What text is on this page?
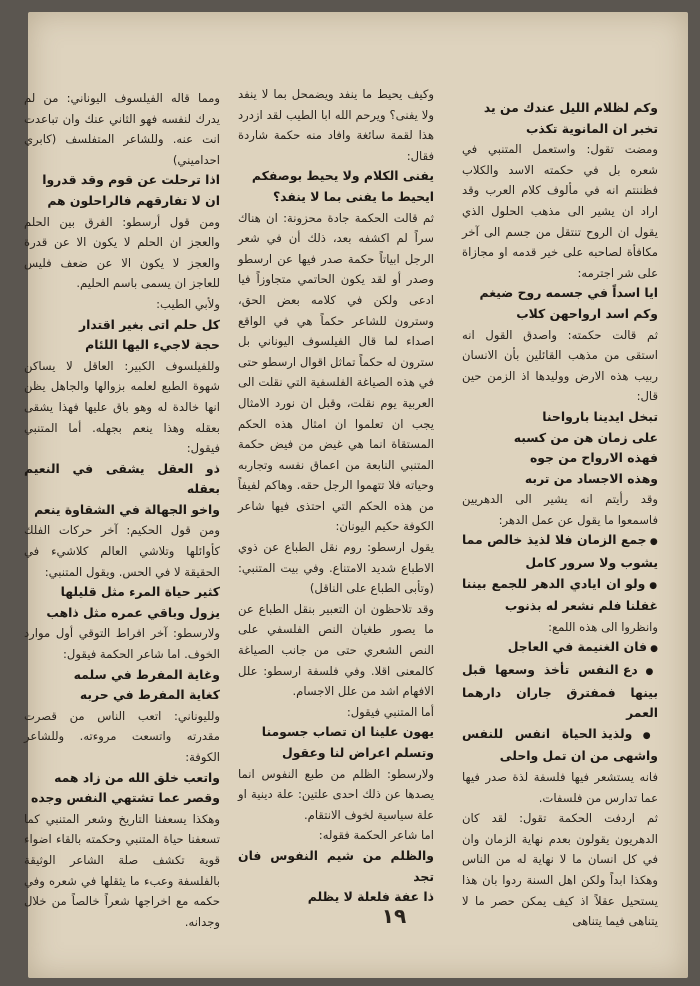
وكم لظلام الليل عندك من يد

تخبر ان المانوية تكذب

ومضت تقول: واستعمل المتنبي في شعره بل في حكمته الاسد والكلاب فظننتم انه في مألوف كلام العرب وقد اراد ان يشير الى مذهب الحلول الذي يقول ان الروح تنتقل من جسم الى آخر مكافأة لصاحبه على خير قدمه او مجازاة على شر اجترمه:

ايا اسداً في جسمه روح ضيغم

وكم اسد ارواحهن كلاب

ثم قالت حكمته: واصدق القول انه استقى من مذهب القائلين بأن الانسان ربيب هذه الارض ووليدها اذ الزمن حين قال:

تبخل ايدينا بارواحنا

على زمان هن من كسبه

فهذه الارواح من جوه

وهذه الاجساد من تربه

وقد رأيتم انه يشير الى الدهريين فاسمعوا ما يقول عن عمل الدهر:

● جمع الزمان فلا لذيذ خالص مما يشوب ولا سرور كامل

● ولو ان ايادي الدهر للجمع بيننا غفلنا فلم نشعر له بذنوب

وانظروا الى هذه اللمع:

● فان الغنيمة في العاجل

● دع النفس تأخذ وسعها قبل بينها فمفترق جاران دارهما العمر

● ولذيذ الحياة انفس للنفس واشهى من ان تمل واحلى

فانه يستشعر فيها فلسفة لذة صدر فيها عما تدارس من فلسفات.

ثم اردفت الحكمة تقول: لقد كان الدهريون يقولون بعدم نهاية الزمان وان في كل انسان ما لا نهاية له من الناس وهكذا ابداً ولكن اهل السنة ردوا بان هذا يستحيل عقلاً اذ كيف يمكن حصر ما لا يتناهى فيما يتناهى

وكيف يحيط ما ينفد ويضمحل بما لا ينفد ولا يفنى؟ ويرحم الله ابا الطيب لقد ازدرد هذا لقمة سائغة وافاد منه حكمة شاردة فقال:

يفنى الكلام ولا يحيط بوصفكم

ايحيط ما يفنى بما لا ينفد؟

ثم قالت الحكمة جادة محزونة: ان هناك سراً لم اكشفه بعد، ذلك أن في شعر الرجل ابياتاً حكمة صدر فيها عن ارسطو وصدر أو لقد يكون الحاتمي متجاوزاً فيا ادعى ولكن في كلامه بعض الحق، وسترون للشاعر حكماً هي في الواقع اصداء لما قال الفيلسوف اليوناني بل سترون له حكماً تماثل اقوال ارسطو حتى في هذه الصياغة الفلسفية التي نقلت الى العربية يوم نقلت، وقبل ان نورد الامثال يجب ان تعلموا ان امثال هذه الحكم المستقاة انما هي غيض من فيض حكمة المتنبي النابعة من اعماق نفسه وتجاربه وحياته فلا تتهموا الرجل حقه. وهاكم لفيفاً من هذه الحكم التي احتذى فيها شاعر الكوفة حكيم اليونان:

يقول ارسطو: روم نقل الطباع عن ذوي الاطباع شديد الامتناع. وفي بيت المتنبي: (وتأبى الطباع على الناقل)

وقد تلاحظون ان التعبير بنقل الطباع عن ما يصور طغيان النص الفلسفي على النص الشعري حتى من جانب الصياغة كالمعنى اقلا. وفي فلسفة ارسطو: علل الافهام اشد من علل الاجسام.

أما المتنبي فيقول:

يهون علينا ان تصاب جسومنا

وتسلم اعراض لنا وعقول

ولارسطو: الظلم من طبع النفوس انما يصدها عن ذلك احدى علتين: علة دينية او علة سياسية لخوف الانتقام.

اما شاعر الحكمة فقوله:

والظلم من شيم النفوس فان تجد

ذا عفة فلعلة لا يظلم

ومما قاله الفيلسوف اليوناني: من لم يدرك لنفسه فهو الثاني عنك وان تباعدت انت عنه. وللشاعر المتفلسف (كابري احداميني)

اذا ترحلت عن قوم وقد قدروا

ان لا تفارقهم فالراحلون هم

ومن قول أرسطو: الفرق بين الحلم والعجز ان الحلم لا يكون الا عن قدرة والعجز لا يكون الا عن ضعف فليس للعاجز ان يسمى باسم الحليم.

ولأبي الطيب:

كل حلم اتى بغير اقتدار

حجة لاجيء اليها اللئام

وللفيلسوف الكبير: العاقل لا يساكن شهوة الطبع لعلمه بزوالها والجاهل يظن انها خالدة له وهو باق عليها فهذا يشقى بعقله وهذا ينعم بجهله. أما المتنبي فيقول:

ذو العقل يشقى في النعيم بعقله

واخو الجهالة في الشقاوة ينعم

ومن قول الحكيم: آخر حركات الفلك كأوائلها وتلاشي العالم كلاشيء في الحقيقة لا في الحس. ويقول المتنبي:

كثير حياة المرء مثل قليلها

يزول وباقي عمره مثل ذاهب

ولارسطو: آخر افراط التوقي أول موارد الخوف. اما شاعر الحكمة فيقول:

وغاية المفرط في سلمه

كغاية المفرط في حربه

ولليوناني: اتعب الناس من قصرت مقدرته واتسعت مروءته. وللشاعر الكوفة:

واتعب خلق الله من زاد همه

وقصر عما تشتهي النفس وجده

وهكذا يسعفنا التاريخ وشعر المتنبي كما تسعفنا حياة المتنبي وحكمته بالقاء اضواء قوية تكشف صلة الشاعر الوثيقة بالفلسفة وعبء ما يثقلها في شعره وفي حكمه مع اخراجها شعراً خالصاً من خلال وجدانه.	١٩
